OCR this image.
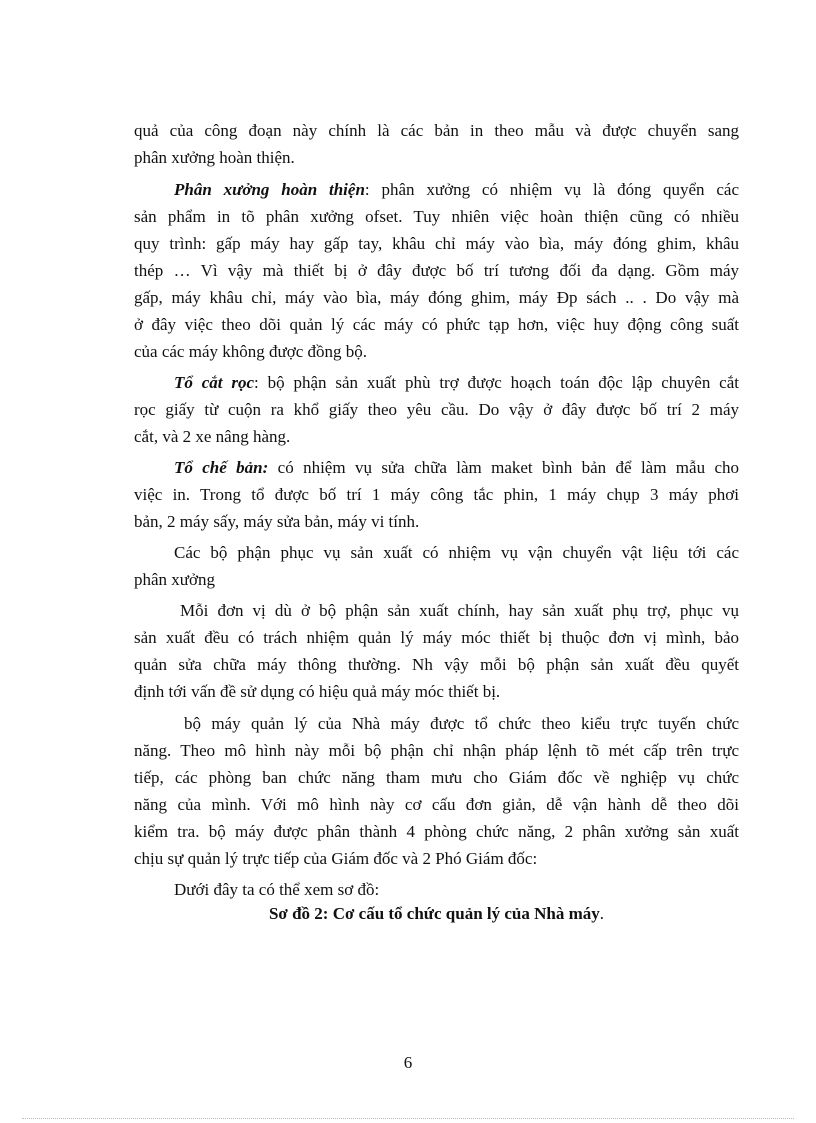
quả của công đoạn này chính là các bản in theo mẫu và được chuyển sang
phân xưởng hoàn thiện.
Phân xưởng hoàn thiện: phân xưởng có nhiệm vụ là đóng quyển các
sản phẩm in tõ phân xưởng ofset. Tuy nhiên việc hoàn thiện cũng có nhiều
quy trình: gấp máy hay gấp tay, khâu chỉ máy vào bìa, máy đóng ghim, khâu
thép … Vì vậy mà thiết bị ở đây được bố trí tương đối đa dạng. Gồm máy
gấp, máy khâu chỉ, máy vào bìa, máy đóng ghim, máy Đp sách .. . Do vậy mà
ở đây việc theo dõi quản lý các máy có phức tạp hơn, việc huy động công suất
của các máy không được đồng bộ.
Tổ cắt rọc: bộ phận sản xuất phù trợ được hoạch toán độc lập chuyên cắt
rọc giấy từ cuộn ra khổ giấy theo yêu cầu. Do vậy ở đây được bố trí 2 máy
cắt, và 2 xe nâng hàng.
Tổ chế bản: có nhiệm vụ sửa chữa làm maket bình bản để làm mẫu cho
việc in. Trong tổ được bố trí 1 máy công tắc phin, 1 máy chụp 3 máy phơi
bản, 2 máy sấy, máy sửa bản, máy vi tính.
Các bộ phận phục vụ sản xuất có nhiệm vụ vận chuyển vật liệu tới các
phân xưởng
Mỗi đơn vị dù ở bộ phận sản xuất chính, hay sản xuất phụ trợ, phục vụ
sản xuất đều có trách nhiệm quản lý máy móc thiết bị thuộc đơn vị mình, bảo
quản sửa chữa máy thông thường. Nh vậy mỗi bộ phận sản xuất đều quyết
định tới vấn đề sử dụng có hiệu quả máy móc thiết bị.
bộ máy quản lý của Nhà máy được tổ chức theo kiểu trực tuyến chức
năng. Theo mô hình này mỗi bộ phận chỉ nhận pháp lệnh tõ mét cấp trên trực
tiếp, các phòng ban chức năng tham mưu cho Giám đốc về nghiệp vụ chức
năng của mình. Với mô hình này cơ cấu đơn giản, dễ vận hành dễ theo dõi
kiểm tra. bộ máy được phân thành 4 phòng chức năng, 2 phân xưởng sản xuất
chịu sự quản lý trực tiếp của Giám đốc và 2 Phó Giám đốc:
Dưới đây ta có thể xem sơ đồ:
Sơ đồ 2: Cơ cấu tổ chức quản lý của Nhà máy.
6
